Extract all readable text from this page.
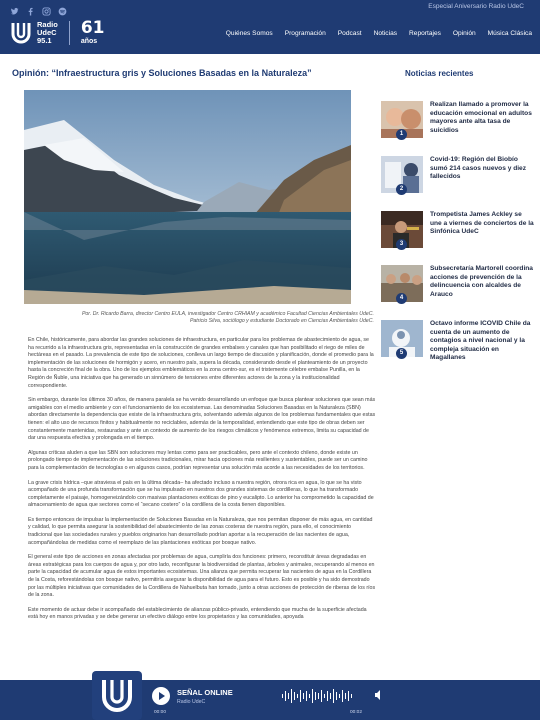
Especial Aniversario Radio UdeC
Radio
UdeC
95.1
61
años
Quiénes Somos Programación Podcast Noticias Reportajes Opinión Música Clásica
Opinión: “Infraestructura gris y Soluciones Basadas en la Naturaleza”
Por. Dr. Ricardo Barra, director Centro EULA, investigador Centro CRHIAM y académico Facultad Ciencias Ambientales UdeC.
Patricio Silva, sociólogo y estudiante Doctorado en Ciencias Ambientales UdeC.

En Chile, históricamente, para abordar las grandes soluciones de infraestructura, en particular para los problemas de abastecimiento de agua, se ha recurrido a la infraestructura gris, representadas en la construcción de grandes embalses y canales que han posibilitado el riego de miles de hectáreas en el pasado. La prevalencia de este tipo de soluciones, conlleva un largo tiempo de discusión y planificación, donde el promedio para la implementación de las soluciones de hormigón y acero, en nuestro país, supera la década, considerando desde el planteamiento de un proyecto hasta la concreción final de la obra. Uno de los ejemplos emblemáticos en la zona centro-sur, es el tristemente célebre embalse Punilla, en la Región de Ñuble, una iniciativa que ha generado un sinnúmero de tensiones entre diferentes actores de la zona y la institucionalidad correspondiente.

Sin embargo, durante los últimos 30 años, de manera paralela se ha venido desarrollando un enfoque que busca plantear soluciones que sean más amigables con el medio ambiente y con el funcionamiento de los ecosistemas. Las denominadas Soluciones Basadas en la Naturaleza (SBN) abordan directamente la dependencia que existe de la infraestructura gris, solventando además algunos de los problemas fundamentales que estas tienen: el alto uso de recursos finitos y habitualmente no reciclables, además de la temporalidad, entendiendo que este tipo de obras deben ser constantemente mantenidas, restauradas y ante un contexto de aumento de los riesgos climáticos y fenómenos extremos, limita su capacidad de dar una respuesta efectiva y prolongada en el tiempo.

Algunas críticas aluden a que las SBN son soluciones muy lentas como para ser practicables, pero ante el contexto chileno, donde existe un prolongado tiempo de implementación de las soluciones tradicionales, mirar hacia opciones más resilientes y sustentables, puede ser un camino para la complementación de tecnologías o en algunos casos, podrían representar una solución más acorde a las necesidades de los territorios.

La grave crisis hídrica –que atraviesa el país en la última década– ha afectado incluso a nuestra región, otrora rica en agua, lo que se ha visto acompañado de una profunda transformación que se ha impulsado en nuestros dos grandes sistemas de cordilleras, lo que ha transformado completamente el paisaje, homogeneizándolo con masivas plantaciones exóticas de pino y eucalipto. Lo anterior ha comprometido la capacidad de almacenamiento de agua que sectores como el “secano costero” o la cordillera de la costa tienen disponibles.

Es tiempo entonces de impulsar la implementación de Soluciones Basadas en la Naturaleza, que nos permitan disponer de más agua, en cantidad y calidad, lo que permita asegurar la sostenibilidad del abastecimiento de las zonas costeras de nuestra región, para ello, el conocimiento tradicional que las sociedades rurales y pueblos originarios han desarrollado podrían aportar a la recuperación de las nacientes de agua, acompañándolas de medidas como el reemplazo de las plantaciones exóticas por bosque nativo.

El general este tipo de acciones en zonas afectadas por problemas de agua, cumpliría dos funciones: primero, reconstituir áreas degradadas en áreas estratégicas para los cuerpos de agua y, por otro lado, reconfigurar la biodiversidad de plantas, árboles y animales, recuperando al menos en parte la capacidad de acumular agua de estos importantes ecosistemas. Una alianza que permita recuperar las nacientes de agua en la Cordillera de la Costa, reforestándolas con bosque nativo, permitiría asegurar la disponibilidad de agua para el futuro. Esto es posible y ha sido demostrado por las múltiples iniciativas que comunidades de la Cordillera de Nahuelbuta han tomado, junto a otras acciones de protección de riberas de los ríos de la zona.

Este momento de actuar debe ir acompañado del establecimiento de alianzas público-privado, entendiendo que mucha de la superficie afectada está hoy en manos privadas y se debe generar un efectivo diálogo entre los propietarios y las comunidades, apoyada

Noticias recientes
1
Realizan llamado a promover la educación emocional en adultos mayores ante alta tasa de suicidios
2
Covid-19: Región del Biobío sumó 214 casos nuevos y diez fallecidos
3
Trompetista James Ackley se une a viernes de conciertos de la Sinfónica UdeC
4
Subsecretaría Martorell coordina acciones de prevención de la delincuencia con alcaldes de Arauco
5
Octavo informe ICOVID Chile da cuenta de un aumento de contagios a nivel nacional y la compleja situación en Magallanes
SEÑAL ONLINE
Radio UdeC
00:00	00:02
